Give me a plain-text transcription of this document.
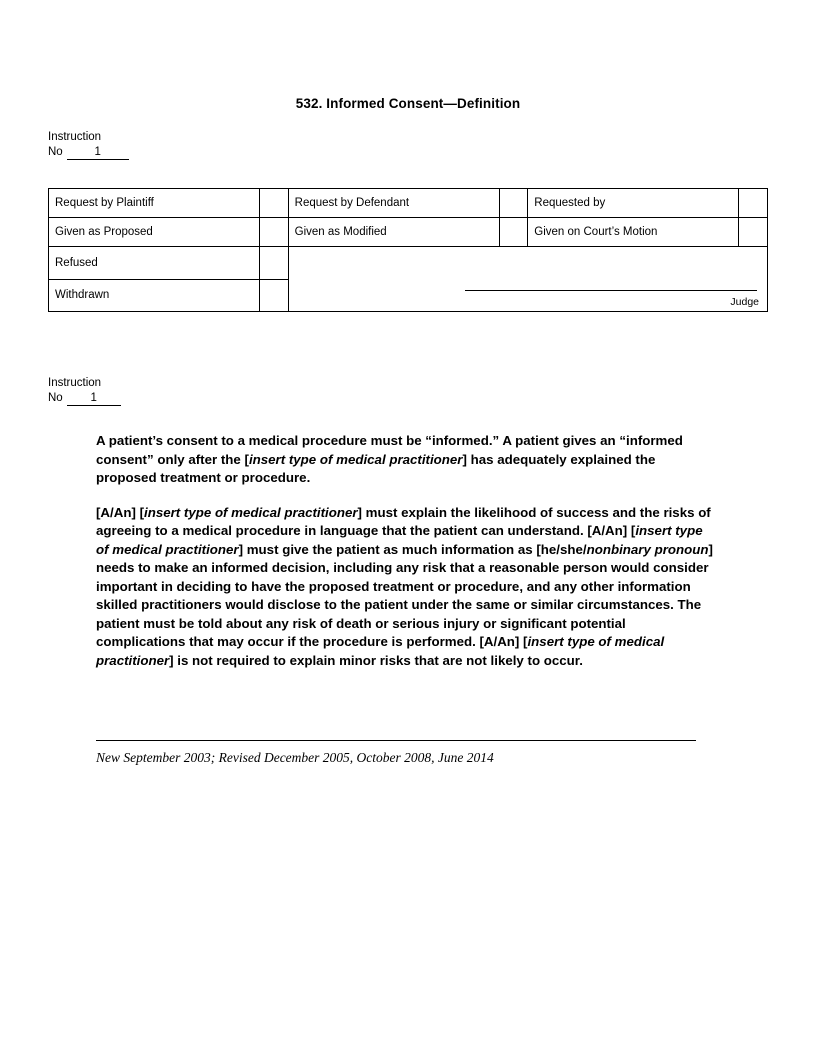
532. Informed Consent—Definition
Instruction
No	1
Request by Plaintiff		Request by Defendant		Requested by	
Given as Proposed		Given as Modified		Given on Court’s Motion	
Refused		Judge			

Withdrawn					
Instruction
No	1

A patient’s consent to a medical procedure must be “informed.” A patient gives an “informed consent” only after the [insert type of medical practitioner] has adequately explained the proposed treatment or procedure.

[A/An] [insert type of medical practitioner] must explain the likelihood of success and the risks of agreeing to a medical procedure in language that the patient can understand. [A/An] [insert type of medical practitioner] must give the patient as much information as [he/she/nonbinary pronoun] needs to make an informed decision, including any risk that a reasonable person would consider important in deciding to have the proposed treatment or procedure, and any other information skilled practitioners would disclose to the patient under the same or similar circumstances. The patient must be told about any risk of death or serious injury or significant potential complications that may occur if the procedure is performed. [A/An] [insert type of medical practitioner] is not required to explain minor risks that are not likely to occur.

New September 2003; Revised December 2005, October 2008, June 2014
